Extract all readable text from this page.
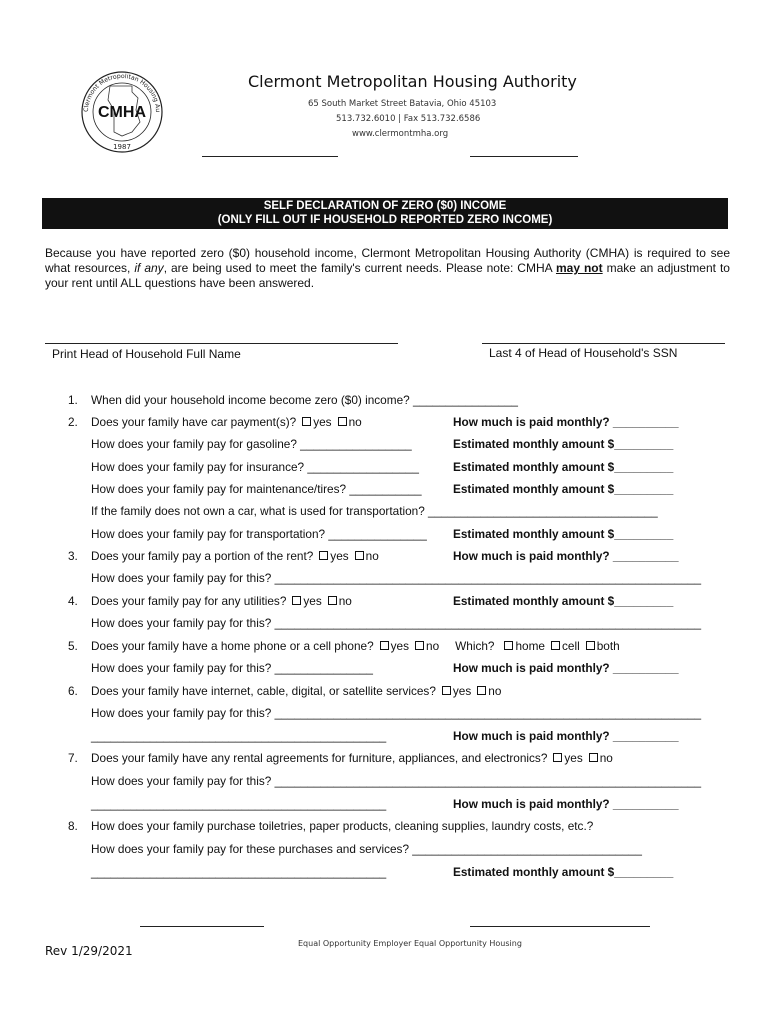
CMHA
Clermont Metropolitan Housing Au
1987
Clermont Metropolitan Housing Authority
65 South Market Street Batavia, Ohio 45103
513.732.6010 | Fax 513.732.6586
www.clermontmha.org
SELF DECLARATION OF ZERO ($0) INCOME
(ONLY FILL OUT IF HOUSEHOLD REPORTED ZERO INCOME)
Because you have reported zero ($0) household income, Clermont Metropolitan Housing Authority (CMHA) is required to see what resources, if any, are being used to meet the family's current needs. Please note: CMHA may not make an adjustment to your rent until ALL questions have been answered.
Print Head of Household Full Name	Last 4 of Head of Household's SSN
1. When did your household income become zero ($0) income? ________________
2. Does your family have car payment(s)? yes no	How much is paid monthly? __________
How does your family pay for gasoline? _________________	Estimated monthly amount $_________
How does your family pay for insurance? _________________	Estimated monthly amount $_________
How does your family pay for maintenance/tires? ___________	Estimated monthly amount $_________
If the family does not own a car, what is used for transportation? ___________________________________
How does your family pay for transportation? _______________ Estimated monthly amount $_________
3. Does your family pay a portion of the rent? yes no	How much is paid monthly? __________
How does your family pay for this? _________________________________________________________________
4. Does your family pay for any utilities? yes no	Estimated monthly amount $_________
How does your family pay for this? _________________________________________________________________
5. Does your family have a home phone or a cell phone? yes no Which? home cell both
How does your family pay for this? _______________	How much is paid monthly? __________
6. Does your family have internet, cable, digital, or satellite services? yes no
How does your family pay for this? _________________________________________________________________
_____________________________________________	How much is paid monthly? __________
7. Does your family have any rental agreements for furniture, appliances, and electronics? yes no
How does your family pay for this? _________________________________________________________________
_____________________________________________	How much is paid monthly? __________
8. How does your family purchase toiletries, paper products, cleaning supplies, laundry costs, etc.?
How does your family pay for these purchases and services? ___________________________________
_____________________________________________	Estimated monthly amount $_________
Equal Opportunity Employer Equal Opportunity Housing
Rev 1/29/2021
